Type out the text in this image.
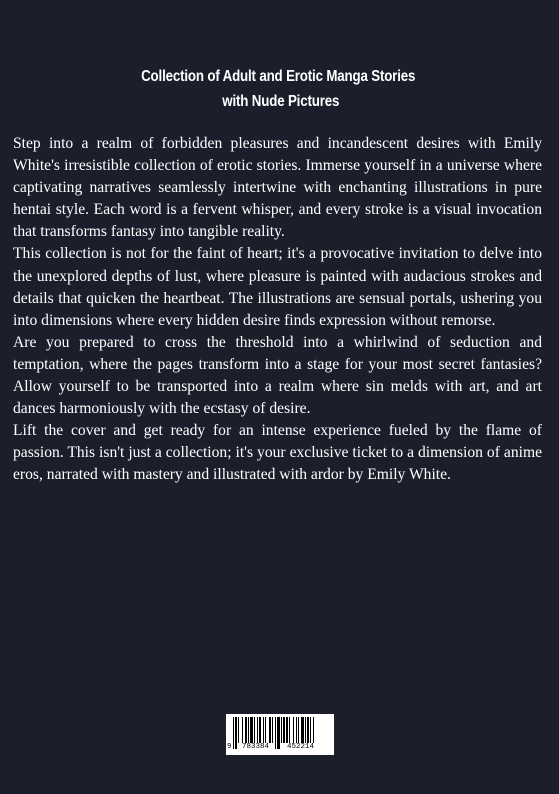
Collection of Adult and Erotic Manga Stories
with Nude Pictures

Step into a realm of forbidden pleasures and incandescent desires with Emily White's irresistible collection of erotic stories. Immerse yourself in a universe where captivating narratives seamlessly intertwine with enchanting illustrations in pure hentai style. Each word is a fervent whisper, and every stroke is a visual invocation that transforms fantasy into tangible reality.

This collection is not for the faint of heart; it's a provocative invitation to delve into the unexplored depths of lust, where pleasure is painted with audacious strokes and details that quicken the heartbeat. The illustrations are sensual portals, ushering you into dimensions where every hidden desire finds expression without remorse.

Are you prepared to cross the threshold into a whirlwind of seduction and temptation, where the pages transform into a stage for your most secret fantasies? Allow yourself to be transported into a realm where sin melds with art, and art dances harmoniously with the ecstasy of desire.

Lift the cover and get ready for an intense experience fueled by the flame of passion. This isn't just a collection; it's your exclusive ticket to a dimension of anime eros, narrated with mastery and illustrated with ardor by Emily White.

9 783384 452214
